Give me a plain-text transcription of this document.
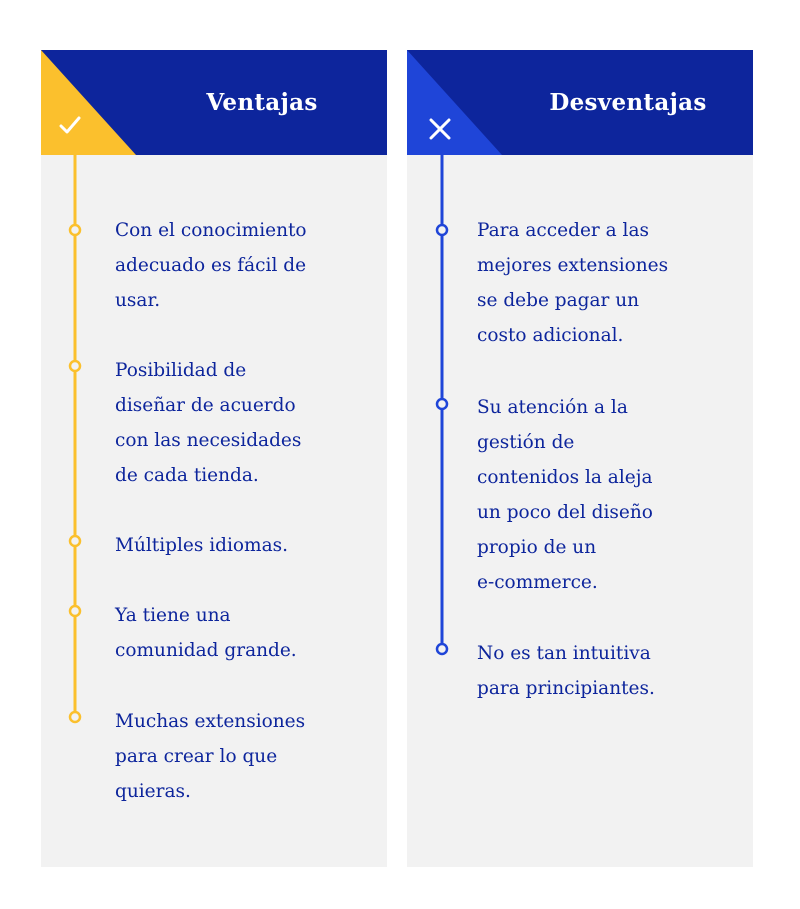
Ventajas

Con el conocimiento
adecuado es fácil de
usar.

Posibilidad de
diseñar de acuerdo
con las necesidades
de cada tienda.

Múltiples idiomas.

Ya tiene una
comunidad grande.

Muchas extensiones
para crear lo que
quieras.

Desventajas

Para acceder a las
mejores extensiones
se debe pagar un
costo adicional.

Su atención a la
gestión de
contenidos la aleja
un poco del diseño
propio de un
e-commerce.

No es tan intuitiva
para principiantes.
